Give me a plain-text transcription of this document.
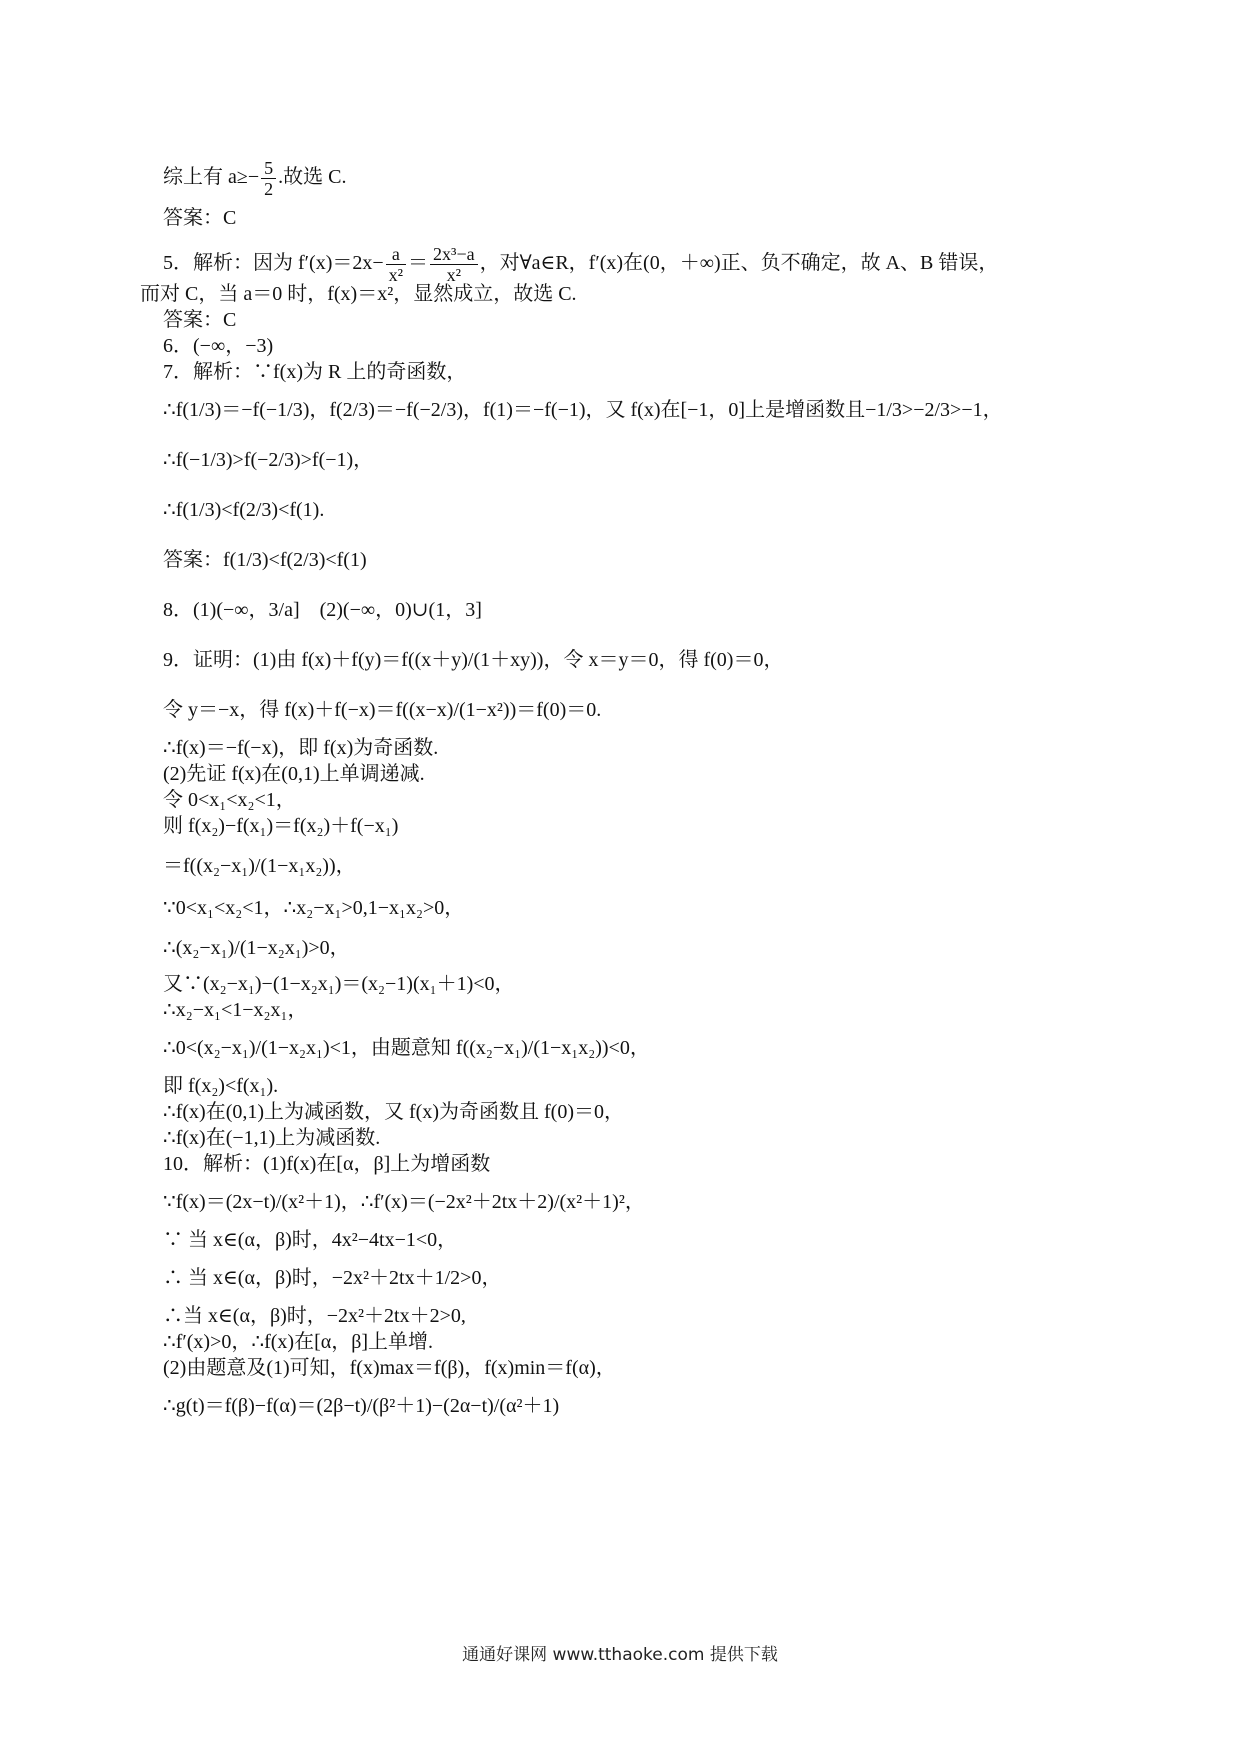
综上有 $a\ge- \frac{5}{2}$ .故选 C.
答案：C
5．解析：因为 $f'(x)=2x- \frac{a}{\text{x²}} = \frac{\text{2x³−a}}{\text{x²}}$ ，对∀a∈R，f′(x)在(0，＋∞)正、负不确定，故 A、B 错误，
而对 C，当 a＝0 时，f(x)＝x²，显然成立，故选 C.
答案：C
6．(−∞，−3)
7．解析：∵f(x)为 R 上的奇函数，
∴f(1/3)＝−f(−1/3)，f(2/3)＝−f(−2/3)，f(1)＝−f(−1)，又 f(x)在[−1，0]上是增函数且−1/3>−2/3>−1，
∴f(−1/3)>f(−2/3)>f(−1)，
∴f(1/3)<f(2/3)<f(1).
答案：f(1/3)<f(2/3)<f(1)
8．(1)(−∞，3/a]　(2)(−∞，0)∪(1，3]
9．证明：(1)由 f(x)＋f(y)＝f((x＋y)/(1＋xy))，令 x＝y＝0，得 f(0)＝0，
令 y＝−x，得 f(x)＋f(−x)＝f((x−x)/(1−x²))＝f(0)＝0.
∴f(x)＝−f(−x)，即 f(x)为奇函数.
(2)先证 f(x)在(0,1)上单调递减.
令 0<x₁<x₂<1，
则 f(x₂)−f(x₁)＝f(x₂)＋f(−x₁)
＝f((x₂−x₁)/(1−x₁x₂))，
∵0<x₁<x₂<1，∴x₂−x₁>0,1−x₁x₂>0，
∴(x₂−x₁)/(1−x₂x₁)>0，
又∵(x₂−x₁)−(1−x₂x₁)＝(x₂−1)(x₁＋1)<0，
∴x₂−x₁<1−x₂x₁，
∴0<(x₂−x₁)/(1−x₂x₁)<1，由题意知 f((x₂−x₁)/(1−x₁x₂))<0，
即 f(x₂)<f(x₁).
∴f(x)在(0,1)上为减函数，又 f(x)为奇函数且 f(0)＝0，
∴f(x)在(−1,1)上为减函数.
10．解析：(1)f(x)在[α，β]上为增函数
∵f(x)＝(2x−t)/(x²＋1)，∴f′(x)＝(−2x²＋2tx＋2)/(x²＋1)²，
∵ 当 x∈(α，β)时，4x²−4tx−1<0，
∴ 当 x∈(α，β)时，−2x²＋2tx＋1/2>0，
∴当 x∈(α，β)时，−2x²＋2tx＋2>0,
∴f′(x)>0，∴f(x)在[α，β]上单增.
(2)由题意及(1)可知，f(x)max＝f(β)，f(x)min＝f(α)，
∴g(t)＝f(β)−f(α)＝(2β−t)/(β²＋1)−(2α−t)/(α²＋1)
通通好课网 www.tthaoke.com 提供下载
